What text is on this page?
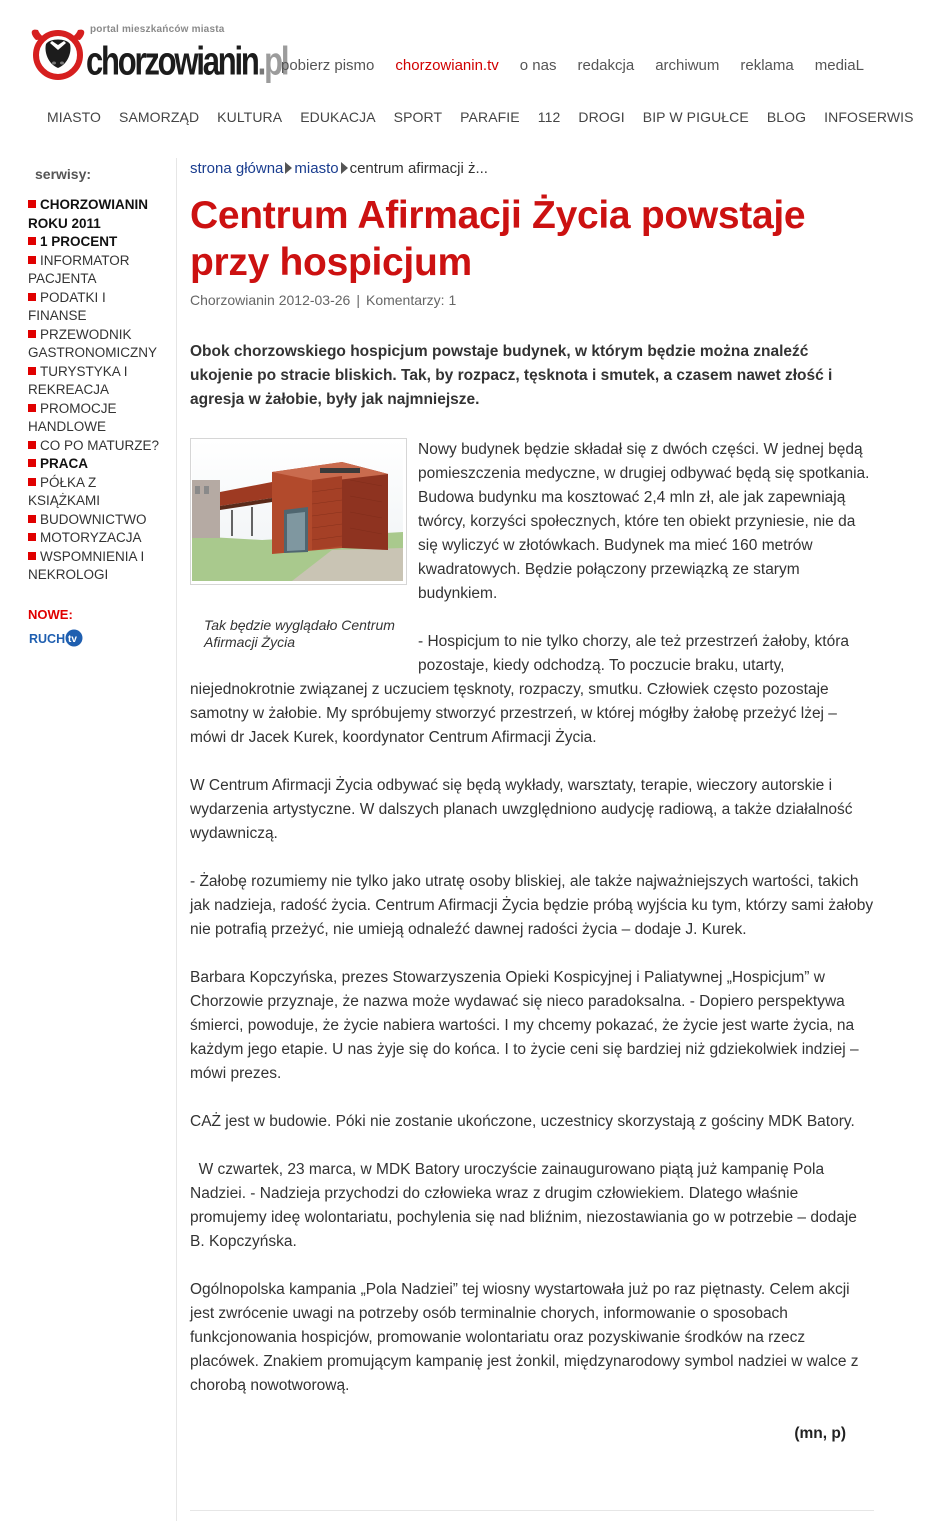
portal mieszkańców miasta
chorzowianin.pl
pobierz pismo chorzowianin.tv o nas redakcja archiwum reklama mediaL
MIASTO SAMORZĄD KULTURA EDUKACJA SPORT PARAFIE 112 DROGI BIP W PIGUŁCE BLOG INFOSERWIS
serwisy:
CHORZOWIANIN ROKU 2011
1 PROCENT
INFORMATOR PACJENTA
PODATKI I FINANSE
PRZEWODNIK GASTRONOMICZNY
TURYSTYKA I REKREACJA
PROMOCJE HANDLOWE
CO PO MATURZE?
PRACA
PÓŁKA Z KSIĄŻKAMI
BUDOWNICTWO
MOTORYZACJA
WSPOMNIENIA I NEKROLOGI
NOWE:
RUCH tv
strona główna miasto centrum afirmacji ż...
Centrum Afirmacji Życia powstaje przy hospicjum
Chorzowianin 2012-03-26 | Komentarzy: 1

Obok chorzowskiego hospicjum powstaje budynek, w którym będzie można znaleźć ukojenie po stracie bliskich. Tak, by rozpacz, tęsknota i smutek, a czasem nawet złość i agresja w żałobie, były jak najmniejsze.

Tak będzie wyglądało Centrum Afirmacji Życia

Nowy budynek będzie składał się z dwóch części. W jednej będą pomieszczenia medyczne, w drugiej odbywać będą się spotkania. Budowa budynku ma kosztować 2,4 mln zł, ale jak zapewniają twórcy, korzyści społecznych, które ten obiekt przyniesie, nie da się wyliczyć w złotówkach. Budynek ma mieć 160 metrów kwadratowych. Będzie połączony przewiązką ze starym budynkiem.

- Hospicjum to nie tylko chorzy, ale też przestrzeń żałoby, która pozostaje, kiedy odchodzą. To poczucie braku, utarty, niejednokrotnie związanej z uczuciem tęsknoty, rozpaczy, smutku. Człowiek często pozostaje samotny w żałobie. My spróbujemy stworzyć przestrzeń, w której mógłby żałobę przeżyć lżej – mówi dr Jacek Kurek, koordynator Centrum Afirmacji Życia.

W Centrum Afirmacji Życia odbywać się będą wykłady, warsztaty, terapie, wieczory autorskie i wydarzenia artystyczne. W dalszych planach uwzględniono audycję radiową, a także działalność wydawniczą.

- Żałobę rozumiemy nie tylko jako utratę osoby bliskiej, ale także najważniejszych wartości, takich jak nadzieja, radość życia. Centrum Afirmacji Życia będzie próbą wyjścia ku tym, którzy sami żałoby nie potrafią przeżyć, nie umieją odnaleźć dawnej radości życia – dodaje J. Kurek.

Barbara Kopczyńska, prezes Stowarzyszenia Opieki Kospicyjnej i Paliatywnej „Hospicjum” w Chorzowie przyznaje, że nazwa może wydawać się nieco paradoksalna. - Dopiero perspektywa śmierci, powoduje, że życie nabiera wartości. I my chcemy pokazać, że życie jest warte życia, na każdym jego etapie. U nas żyje się do końca. I to życie ceni się bardziej niż gdziekolwiek indziej – mówi prezes.

CAŻ jest w budowie. Póki nie zostanie ukończone, uczestnicy skorzystają z gościny MDK Batory.

W czwartek, 23 marca, w MDK Batory uroczyście zainaugurowano piątą już kampanię Pola Nadziei. - Nadzieja przychodzi do człowieka wraz z drugim człowiekiem. Dlatego właśnie promujemy ideę wolontariatu, pochylenia się nad bliźnim, niezostawiania go w potrzebie – dodaje B. Kopczyńska.

Ogólnopolska kampania „Pola Nadziei” tej wiosny wystartowała już po raz piętnasty. Celem akcji jest zwrócenie uwagi na potrzeby osób terminalnie chorych, informowanie o sposobach funkcjonowania hospicjów, promowanie wolontariatu oraz pozyskiwanie środków na rzecz placówek. Znakiem promującym kampanię jest żonkil, międzynarodowy symbol nadziei w walce z chorobą nowotworową.

(mn, p)
